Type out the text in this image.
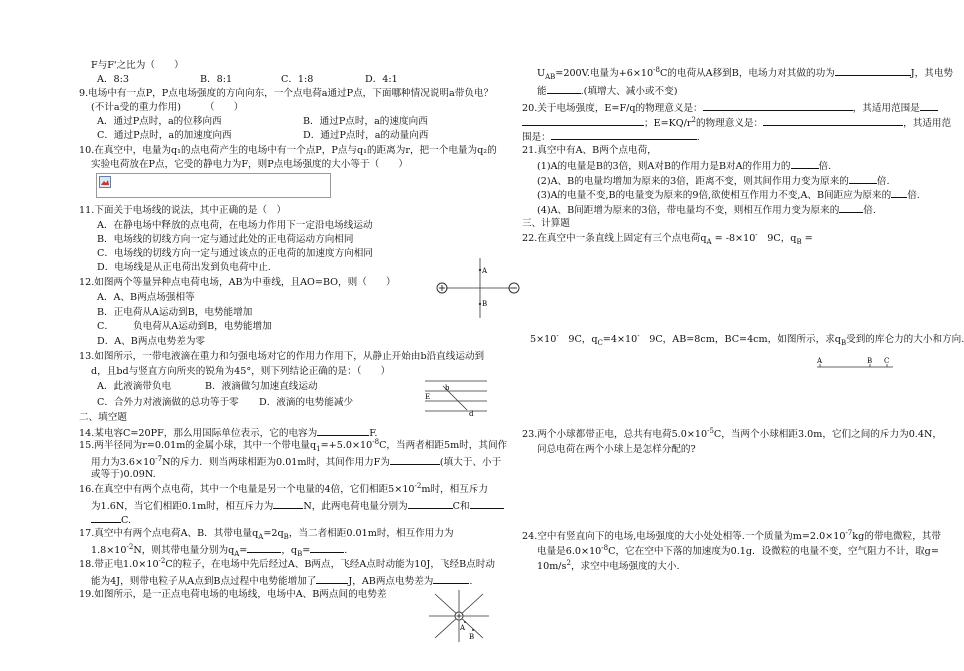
F与F'之比为（　　）
A．8:3	B．8:1	C．1:8	D．4:1
9.电场中有一点P，P点电场强度的方向向东，一个点电荷a通过P点，下面哪种情况说明a带负电？
(不计a受的重力作用)　　　（　　）
A．通过P点时，a的位移向西	B．通过P点时，a的速度向西
C．通过P点时，a的加速度向西	D．通过P点时，a的动量向西
10.在真空中，电量为q₁的点电荷产生的电场中有一个点P，P点与q₁的距离为r，把一个电量为q₂的
实验电荷放在P点，它受的静电力为F，则P点电场强度的大小等于（　　）
11.下面关于电场线的说法，其中正确的是（　）
A．在静电场中释放的点电荷，在电场力作用下一定沿电场线运动
B．电场线的切线方向一定与通过此处的正电荷运动方向相同
C．电场线的切线方向一定与通过该点的正电荷的加速度方向相同
D．电场线是从正电荷出发到负电荷中止.
12.如图两个等量异种点电荷电场，AB为中垂线，且AO=BO，则（　　）
A．A、B两点场强相等
B．正电荷从A运动到B，电势能增加
C． 负电荷从A运动到B，电势能增加
D．A、B两点电势差为零
A
B
13.如图所示，一带电液滴在重力和匀强电场对它的作用力作用下，从静止开始由b沿直线运动到
d，且bd与竖直方向所夹的锐角为45°，则下列结论正确的是：（　　）
A．此液滴带负电	B．液滴做匀加速直线运动
C．合外力对液滴做的总功等于零 D．液滴的电势能减少
b
d
E
二、填空题
14.某电容C=20PF，那么用国际单位表示，它的电容为	F.
15.两半径同为r=0.01m的金属小球，其中一个带电量$q_1=+5.0\times 10^{-8}C$，当两者相距5m时，其间作
用力为$3.6\times 10^{-7}N$的斥力．则当两球相距为0.01m时，其间作用力F为	(填大于、小于
或等于)0.09N.
16.在真空中有两个点电荷，其中一个电量是另一个电量的4倍，它们相距$5\times 10^{-2}m$时，相互斥力
为1.6N，当它们相距0.1m时，相互斥力为	N，此两电荷电量分别为	C和
C.
17.真空中有两个点电荷A、B．其带电量$q_A=2q_B$，当二者相距0.01m时，相互作用力为
$1.8\times 10^{-2}N$，则其带电量分别为$q_A=$	，$q_B=$	.
18.带正电$1.0\times 10^{-2}C$的粒子，在电场中先后经过A、B两点，飞经A点时动能为10J，飞经B点时动
能为4J，则带电粒子从A点到B点过程中电势能增加了	J，AB两点电势差为	.
19.如图所示，是一正点电荷电场的电场线，电场中A、B两点间的电势差
A
B
$U_{AB}=200V$.电量为$+6\times 10^{-8}C$的电荷从A移到B，电场力对其做的功为	J，其电势
能	.(填增大、减小或不变)
20.关于电场强度，E=F/q的物理意义是：	，其适用范围是
；$E=KQ/r^2$的物理意义是：	，其适用范
围是：	.
21.真空中有A、B两个点电荷，
(1)A的电量是B的3倍，则A对B的作用力是B对A的作用力的	倍.
(2)A、B的电量均增加为原来的3倍，距离不变，则其间作用力变为原来的	倍.
(3)A的电量不变,B的电量变为原来的9倍,欲使相互作用力不变,A、B间距应为原来的 倍.
(4)A、B间距增为原来的3倍，带电量均不变，则相互作用力变为原来的	倍.
三、计算题
22.在真空中一条直线上固定有三个点电荷$q_A = -8\times 10^-$　9C，$q_B$ =
5×10-　9C，$q_C=4\times 10^-$　9C，AB=8cm，BC=4cm，如图所示，求$q_B$受到的库仑力的大小和方向.
A	B C
23.两个小球都带正电，总共有电荷$5.0\times 10^{-5}C$，当两个小球相距3.0m，它们之间的斥力为0.4N，
问总电荷在两个小球上是怎样分配的?
24.空中有竖直向下的电场,电场强度的大小处处相等.一个质量为$m=2.0\times 10^{-7}kg$的带电微粒，其带
电量是$6.0\times 10^{-8}C$，它在空中下落的加速度为0.1g．设微粒的电量不变，空气阻力不计，取g=
$10m/s^2$，求空中电场强度的大小.
